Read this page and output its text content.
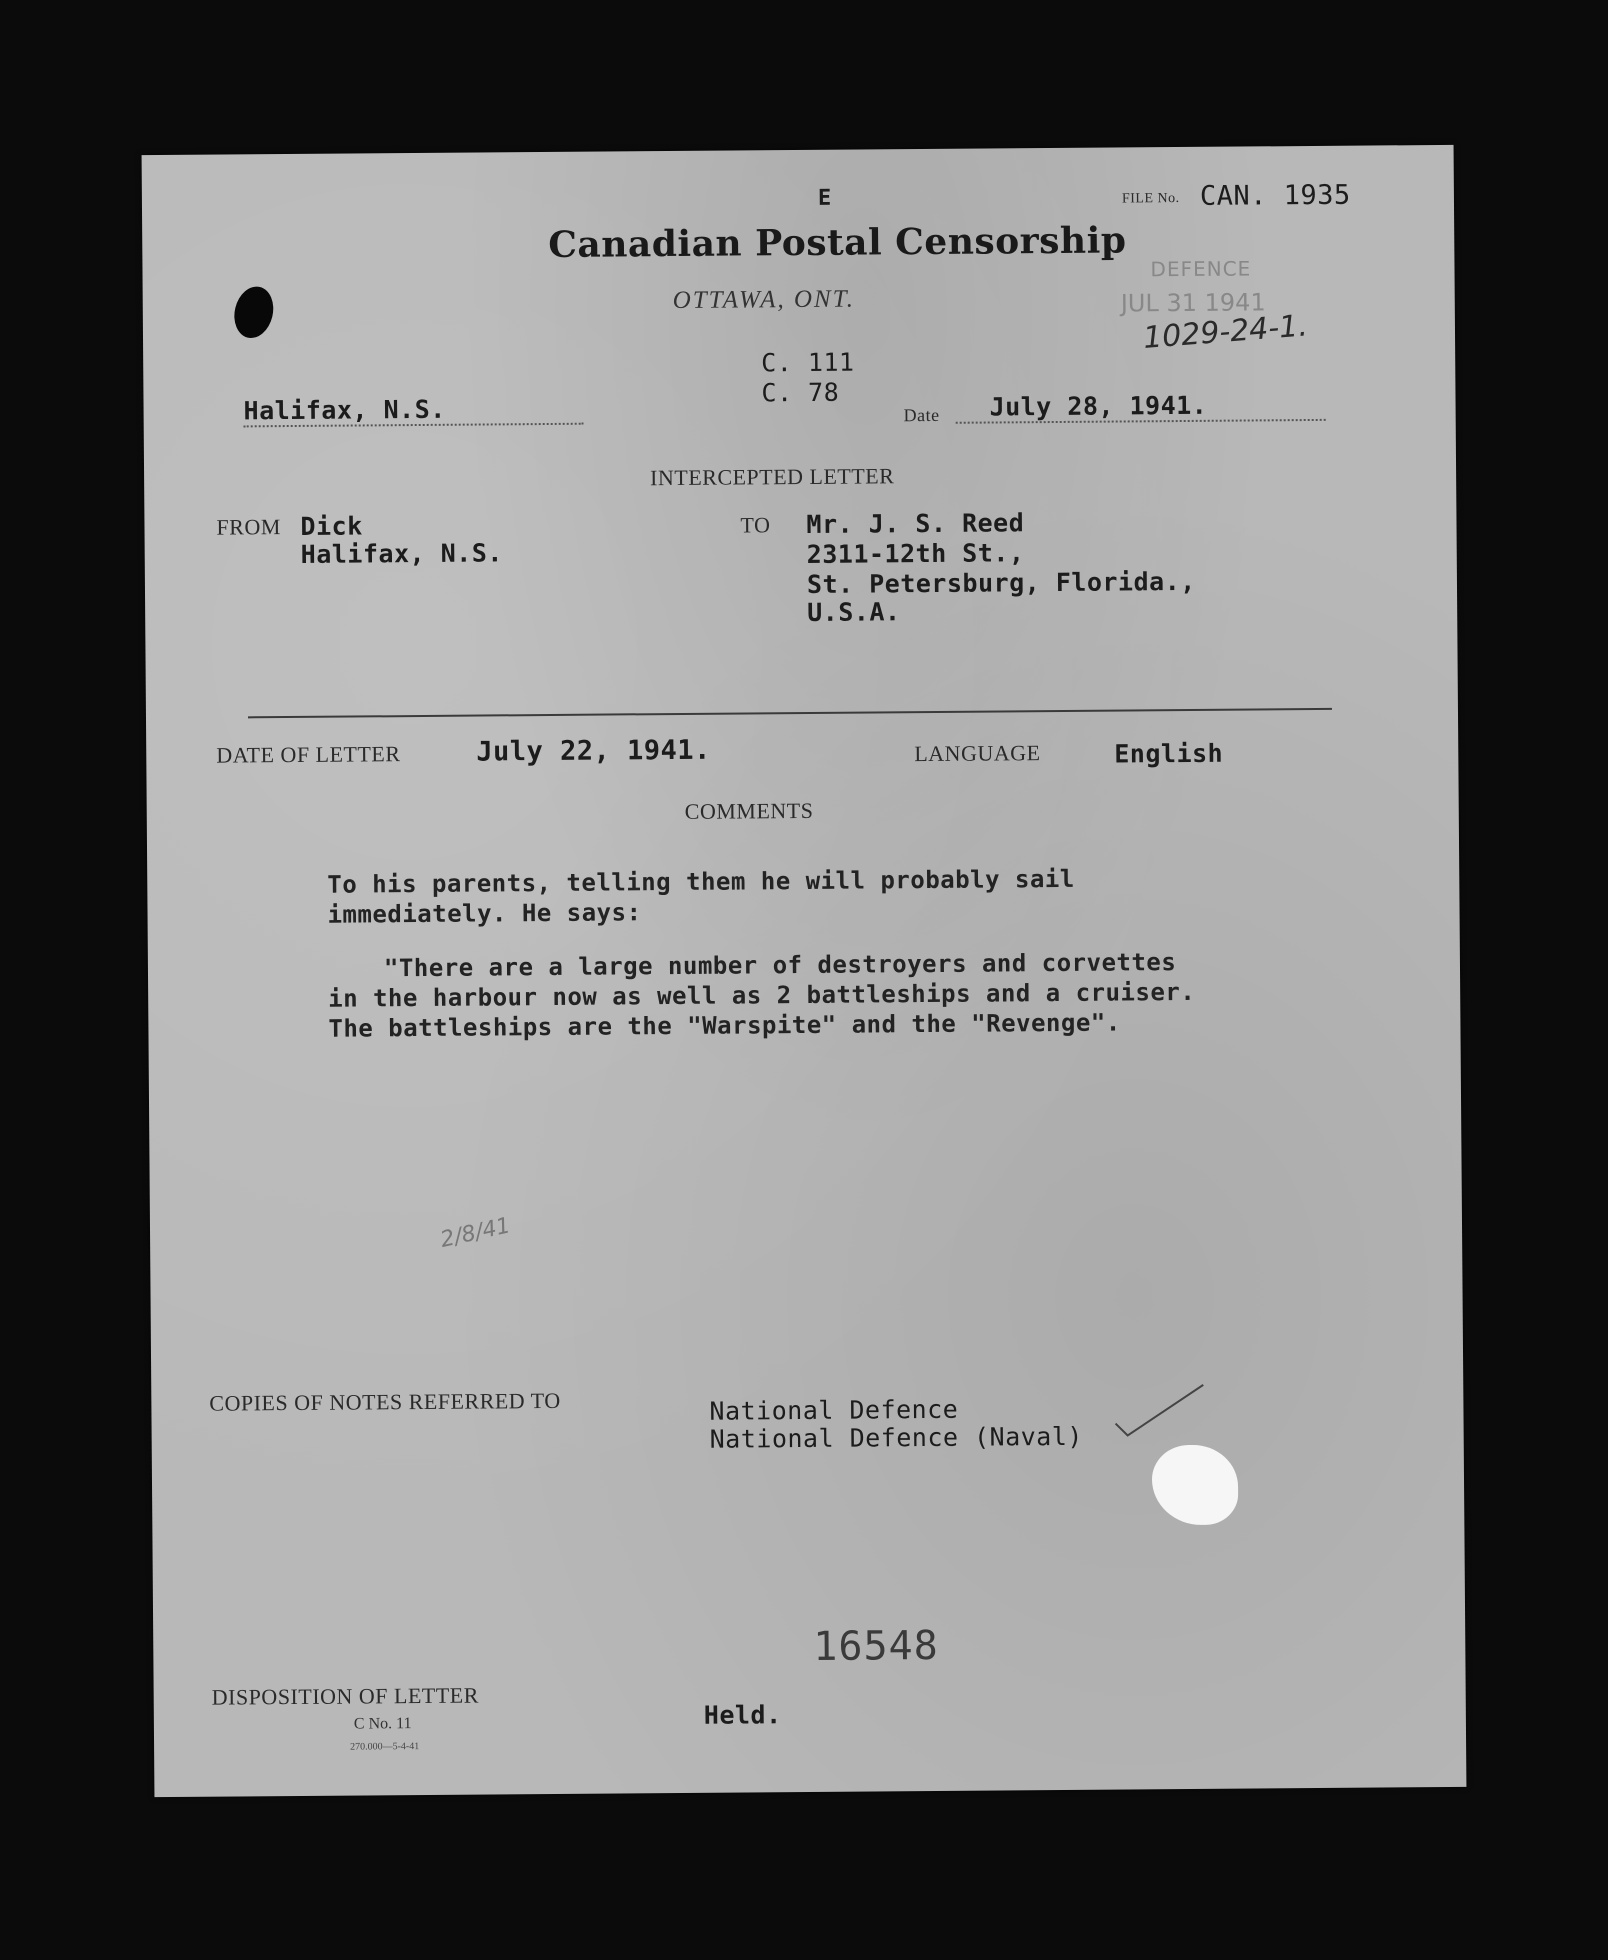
E	FILE No. CAN. 1935
Canadian Postal Censorship
OTTAWA, ONT.
DEFENCE
JUL 31 1941
1029-24-1.
C. 111
C. 78
Halifax, N.S.	Date	July 28, 1941.
INTERCEPTED LETTER
FROM Dick
Halifax, N.S.
TO Mr. J. S. Reed
2311-12th St.,
St. Petersburg, Florida.,
U.S.A.
DATE OF LETTER	July 22, 1941.	LANGUAGE	English
COMMENTS
To his parents, telling them he will probably sail
immediately. He says:
"There are a large number of destroyers and corvettes
in the harbour now as well as 2 battleships and a cruiser.
The battleships are the "Warspite" and the "Revenge".
2/8/41
COPIES OF NOTES REFERRED TO	National Defence
National Defence (Naval)
16548
DISPOSITION OF LETTER
C No. 11
270.000—5-4-41
Held.
